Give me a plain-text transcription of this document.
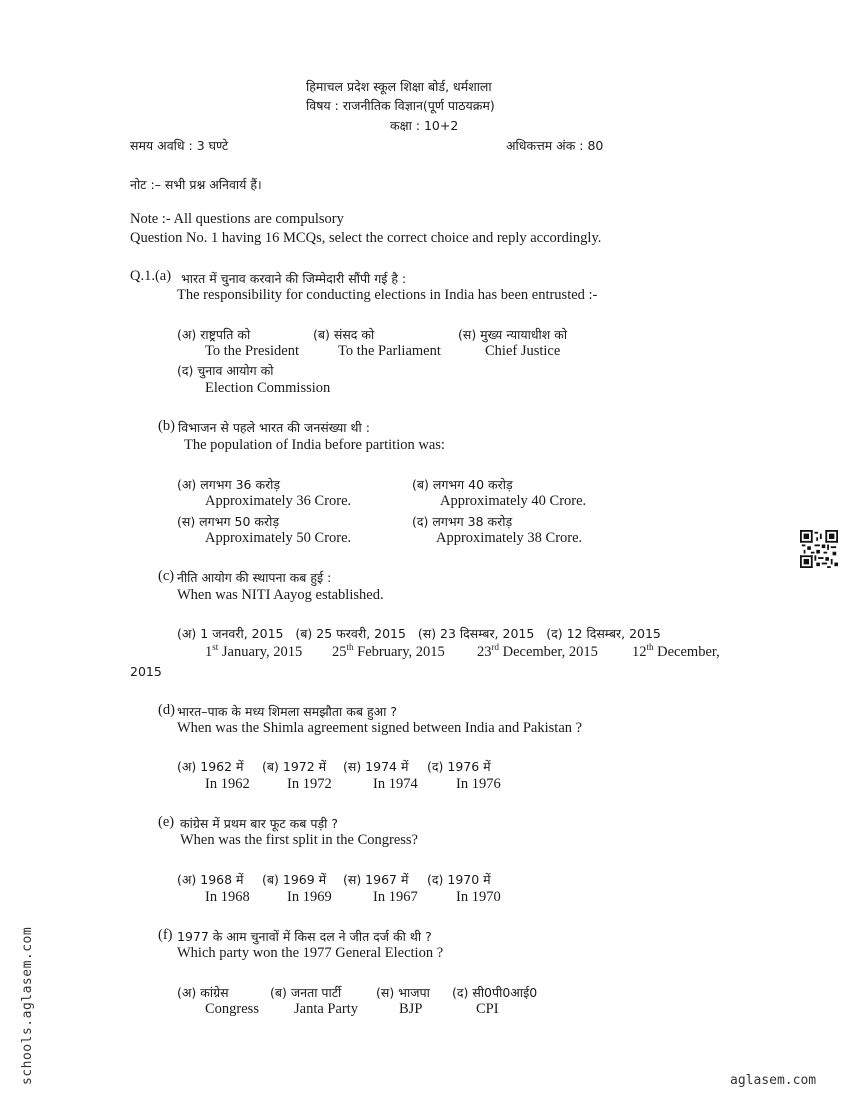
हिमाचल प्रदेश स्कूल शिक्षा बोर्ड, धर्मशाला
विषय : राजनीतिक विज्ञान(पूर्ण पाठयक्रम)
कक्षा : 10+2
समय अवधि : 3 घण्टे	अधिकत्तम अंक : 80
नोट :– सभी प्रश्न अनिवार्य हैं।
Note :- All questions are compulsory
Question No. 1 having 16 MCQs, select the correct choice and reply accordingly.
Q.1.(a) भारत में चुनाव करवाने की जिम्मेदारी सौंपी गई है :
The responsibility for conducting elections in India has been entrusted :-
(अ) राष्ट्रपति को	(ब) संसद को	(स) मुख्य न्यायाधीश को
To the President	To the Parliament	Chief Justice
(द) चुनाव आयोग को
Election Commission
(b) विभाजन से पहले भारत की जनसंख्या थी :
The population of India before partition was:
(अ) लगभग 36 करोड़	(ब) लगभग 40 करोड़
Approximately 36 Crore.	Approximately 40 Crore.
(स) लगभग 50 करोड़	(द) लगभग 38 करोड़
Approximately 50 Crore.	Approximately 38 Crore.
(c) नीति आयोग की स्थापना कब हुई :
When was NITI Aayog established.
(अ) 1 जनवरी, 2015   (ब) 25 फरवरी, 2015   (स) 23 दिसम्बर, 2015   (द) 12 दिसम्बर, 2015
1st January, 2015 25th February, 2015 23rd December, 2015 12th December,
2015
(d) भारत–पाक के मध्य शिमला समझौता कब हुआ ?
When was the Shimla agreement signed between India and Pakistan ?
(अ) 1962 में (ब) 1972 में (स) 1974 में (द) 1976 में
In 1962	In 1972	In 1974	In 1976
(e) कांग्रेस में प्रथम बार फूट कब पड़ी ?
When was the first split in the Congress?
(अ) 1968 में (ब) 1969 में (स) 1967 में (द) 1970 में
In 1968	In 1969	In 1967	In 1970
(f) 1977 के आम चुनावों में किस दल ने जीत दर्ज की थी ?
Which party won the 1977 General Election ?
(अ) कांग्रेस	(ब) जनता पार्टी	(स) भाजपा (द) सी0पी0आई0
Congress Janta Party	BJP	CPI
schools.aglasem.com	aglasem.com
